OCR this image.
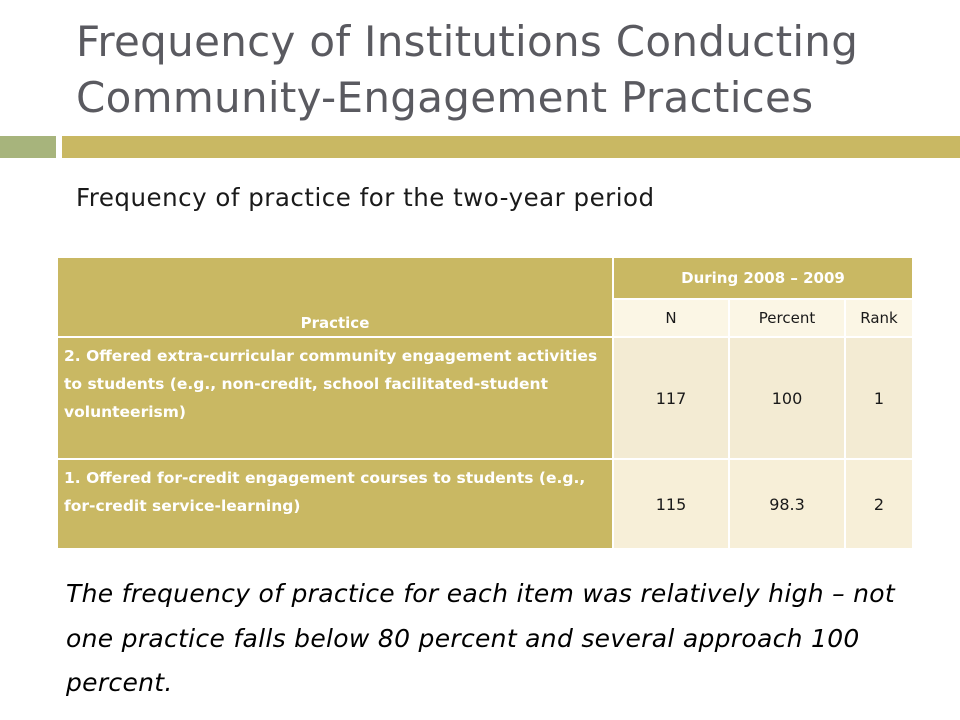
Frequency of Institutions Conducting Community-Engagement Practices
Frequency of practice for the two-year period
Practice	During 2008 – 2009		
	N	Percent	Rank
2. Offered extra-curricular community engagement activities to students (e.g., non-credit, school facilitated-student volunteerism)	117	100	1
1. Offered for-credit engagement courses to students (e.g., for-credit service-learning)	115	98.3	2
The frequency of practice for each item was relatively high – not one practice falls below 80 percent and several approach 100 percent.
